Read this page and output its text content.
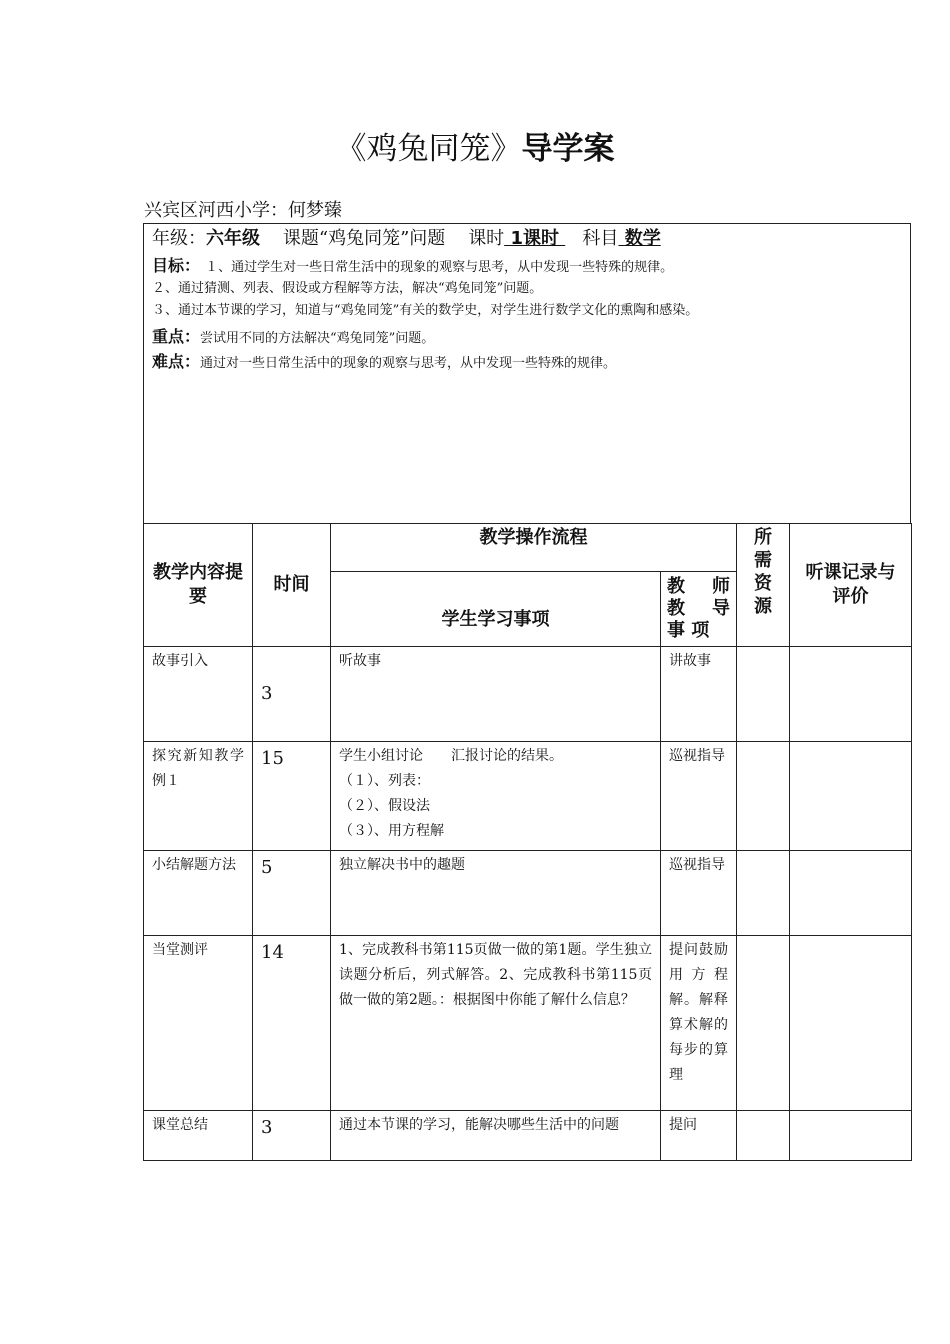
《鸡兔同笼》导学案
兴宾区河西小学：何梦臻
年级：六年级 课题“鸡兔同笼”问题 课时 1课时    科目 数学
目标： １、通过学生对一些日常生活中的现象的观察与思考，从中发现一些特殊的规律。
２、通过猜测、列表、假设或方程解等方法，解决“鸡兔同笼”问题。
３、通过本节课的学习，知道与“鸡兔同笼”有关的数学史，对学生进行数学文化的熏陶和感染。
重点：尝试用不同的方法解决“鸡兔同笼”问题。
难点：通过对一些日常生活中的现象的观察与思考，从中发现一些特殊的规律。
教学内容提要	时间	教学操作流程		所需资源	听课记录与评价

		学生学习事项	教 师 教 导 事 项		
故事引入	3	听故事	讲故事		
探究新知教学例１	15	学生小组讨论　　汇报讨论的结果。
（１）、列表：
（２）、假设法
（３）、用方程解	巡视指导		
小结解题方法	5	独立解决书中的趣题	巡视指导		
当堂测评	14	1、完成教科书第115页做一做的第1题。学生独立读题分析后，列式解答。2、完成教科书第115页做一做的第2题。：根据图中你能了解什么信息？	提问鼓励用方程解。解释算术解的每步的算理		
课堂总结	3	通过本节课的学习，能解决哪些生活中的问题	提问		
